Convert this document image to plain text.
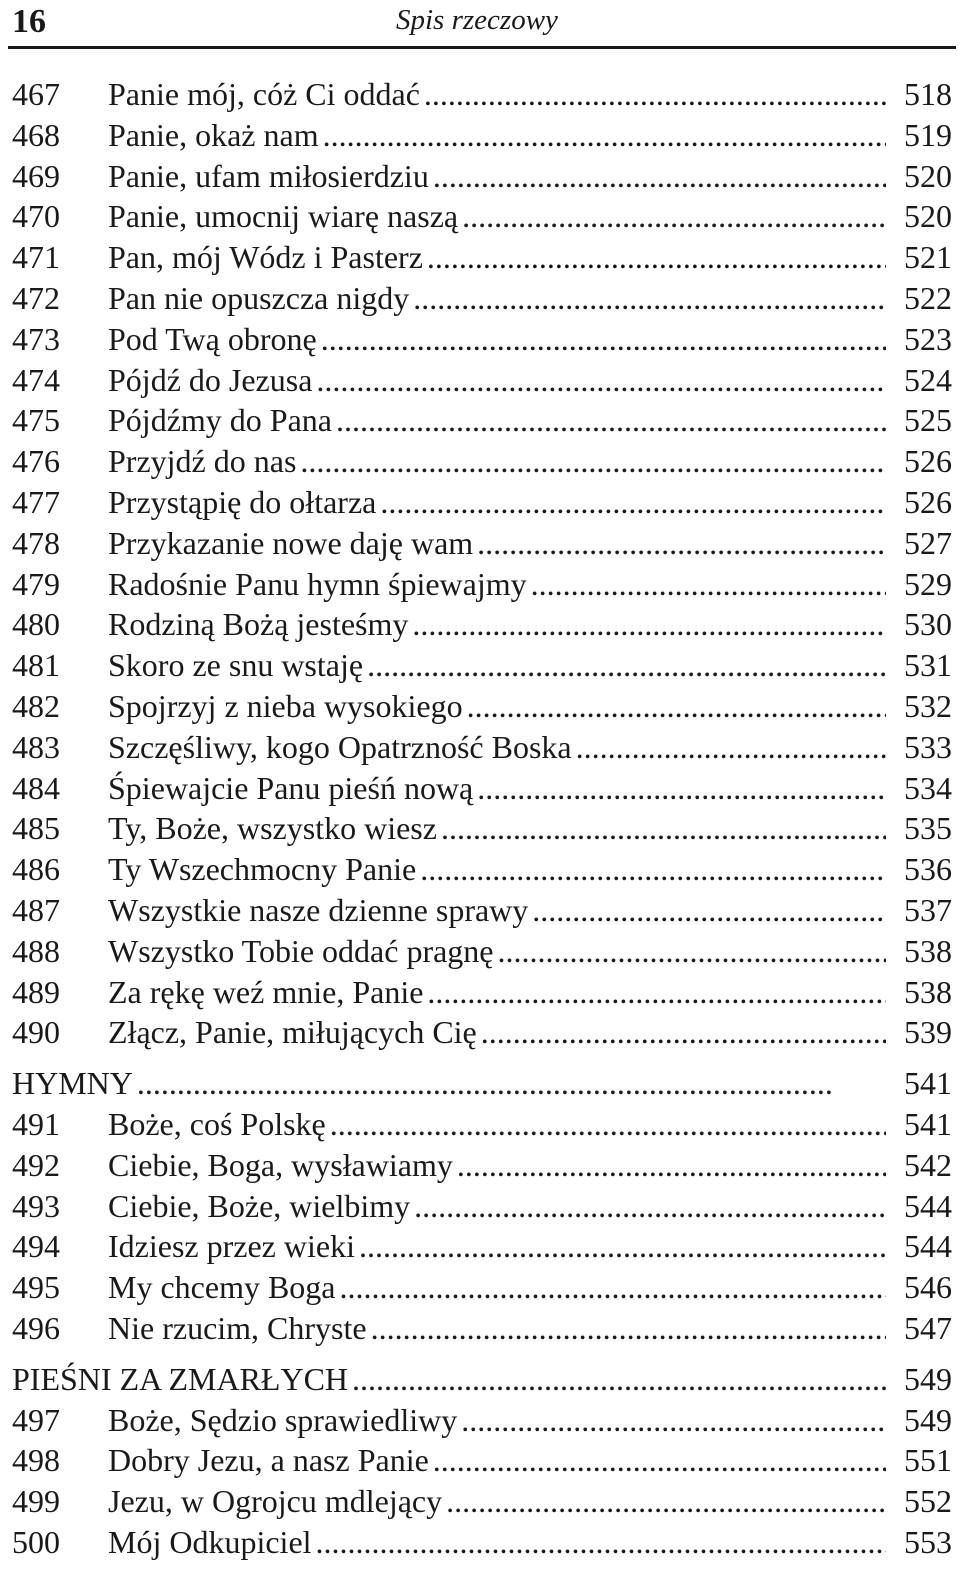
16	Spis rzeczowy
467	Panie mój, cóż Ci oddać . . .	518
468	Panie, okaż nam . . .	519
469	Panie, ufam miłosierdziu . . .	520
470	Panie, umocnij wiarę naszą . . .	520
471	Pan, mój Wódz i Pasterz . . .	521
472	Pan nie opuszcza nigdy . . .	522
473	Pod Twą obronę . . .	523
474	Pójdź do Jezusa . . .	524
475	Pójdźmy do Pana . . .	525
476	Przyjdź do nas . . .	526
477	Przystąpię do ołtarza . . .	526
478	Przykazanie nowe daję wam . . .	527
479	Radośnie Panu hymn śpiewajmy . . .	529
480	Rodziną Bożą jesteśmy . . .	530
481	Skoro ze snu wstaję . . .	531
482	Spojrzyj z nieba wysokiego . . .	532
483	Szczęśliwy, kogo Opatrzność Boska . . .	533
484	Śpiewajcie Panu pieśń nową . . .	534
485	Ty, Boże, wszystko wiesz . . .	535
486	Ty Wszechmocny Panie . . .	536
487	Wszystkie nasze dzienne sprawy . . .	537
488	Wszystko Tobie oddać pragnę . . .	538
489	Za rękę weź mnie, Panie . . .	538
490	Złącz, Panie, miłujących Cię . . .	539
HYMNY . . .	541
491	Boże, coś Polskę . . .	541
492	Ciebie, Boga, wysławiamy . . .	542
493	Ciebie, Boże, wielbimy . . .	544
494	Idziesz przez wieki . . .	544
495	My chcemy Boga . . .	546
496	Nie rzucim, Chryste . . .	547
PIEŚNI ZA ZMARŁYCH . . .	549
497	Boże, Sędzio sprawiedliwy . . .	549
498	Dobry Jezu, a nasz Panie . . .	551
499	Jezu, w Ogrojcu mdlejący . . .	552
500	Mój Odkupiciel . . .	553
